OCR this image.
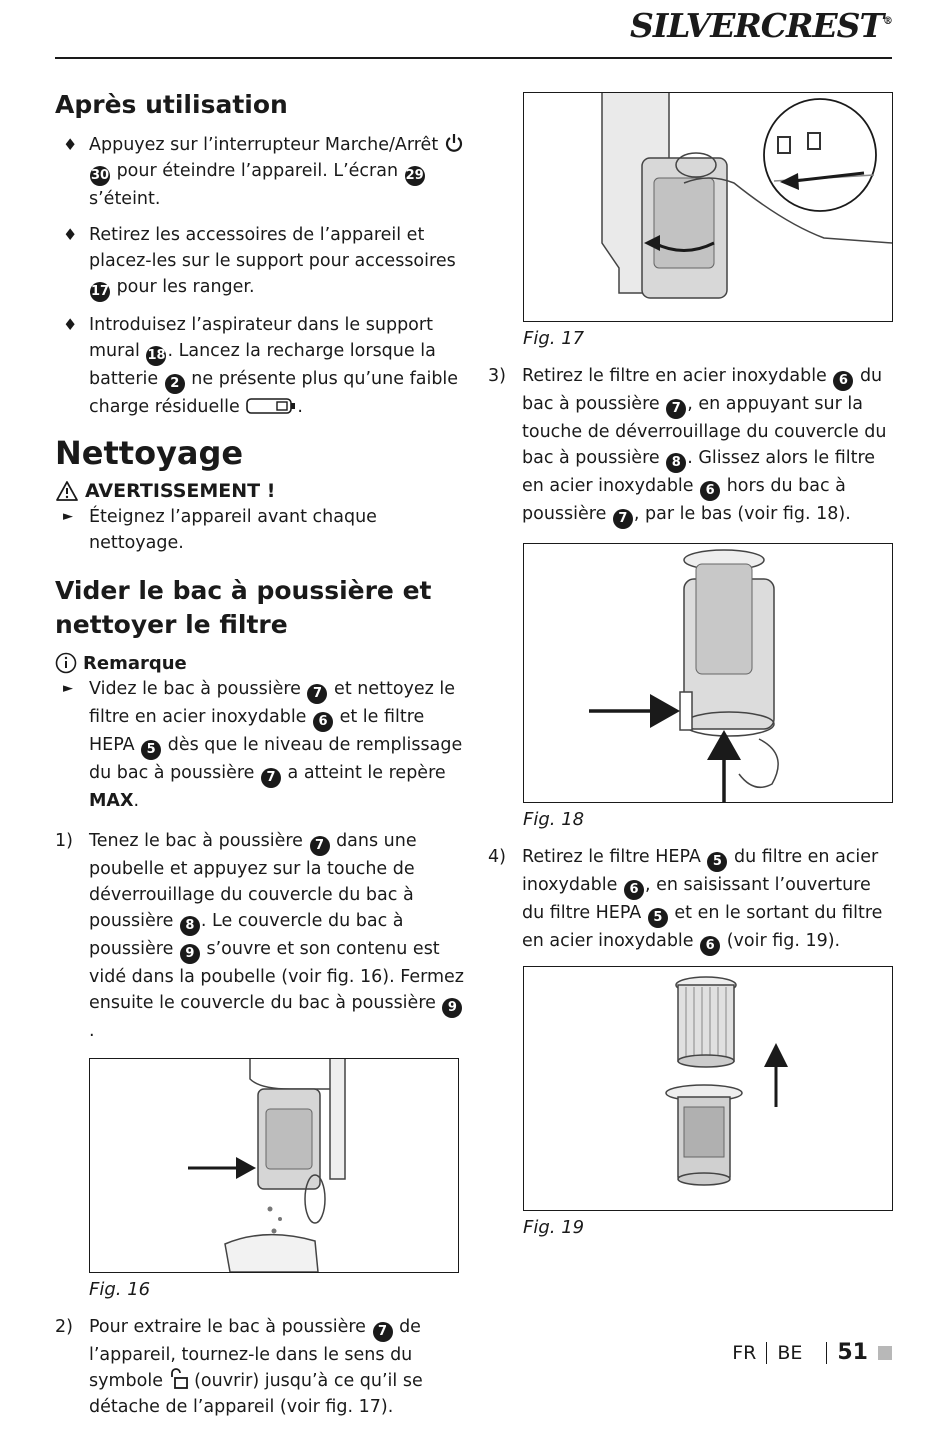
SILVERCREST®
Après utilisation
♦ Appuyez sur l’interrupteur Marche/Arrêt  30 pour éteindre l’appareil. L’écran 29 s’éteint.
♦ Retirez les accessoires de l’appareil et placez-les sur le support pour accessoires 17 pour les ranger.
♦ Introduisez l’aspirateur dans le support mural 18 . Lancez la recharge lorsque la batterie 2 ne présente plus qu’une faible charge résiduelle	.
Nettoyage
AVERTISSEMENT !
► Éteignez l’appareil avant chaque nettoyage.
Vider le bac à poussière et nettoyer le filtre
Remarque
► Videz le bac à poussière 7 et nettoyez le filtre en acier inoxydable 6 et le filtre HEPA 5 dès que le niveau de remplissage du bac à poussière 7 a atteint le repère MAX.

1) Tenez le bac à poussière 7 dans une poubelle et appuyez sur la touche de déverrouillage du couvercle du bac à poussière 8 . Le couvercle du bac à poussière 9 s’ouvre et son contenu est vidé dans la poubelle (voir fig. 16). Fermez ensuite le couvercle du bac à poussière 9.

Fig. 16

2) Pour extraire le bac à poussière 7 de l’appareil, tournez-le dans le sens du symbole  (ouvrir) jusqu’à ce qu’il se détache de l’appareil (voir fig. 17).

Fig. 17

3) Retirez le filtre en acier inoxydable 6 du bac à poussière 7 , en appuyant sur la touche de déverrouillage du couvercle du bac à poussière 8 . Glissez alors le filtre en acier inoxydable 6 hors du bac à poussière 7 , par le bas (voir fig. 18).

Fig. 18

4) Retirez le filtre HEPA 5 du filtre en acier inoxydable 6 , en saisissant l’ouverture du filtre HEPA 5 et en le sortant du filtre en acier inoxydable 6 (voir fig. 19).

Fig. 19
FR BE 51
